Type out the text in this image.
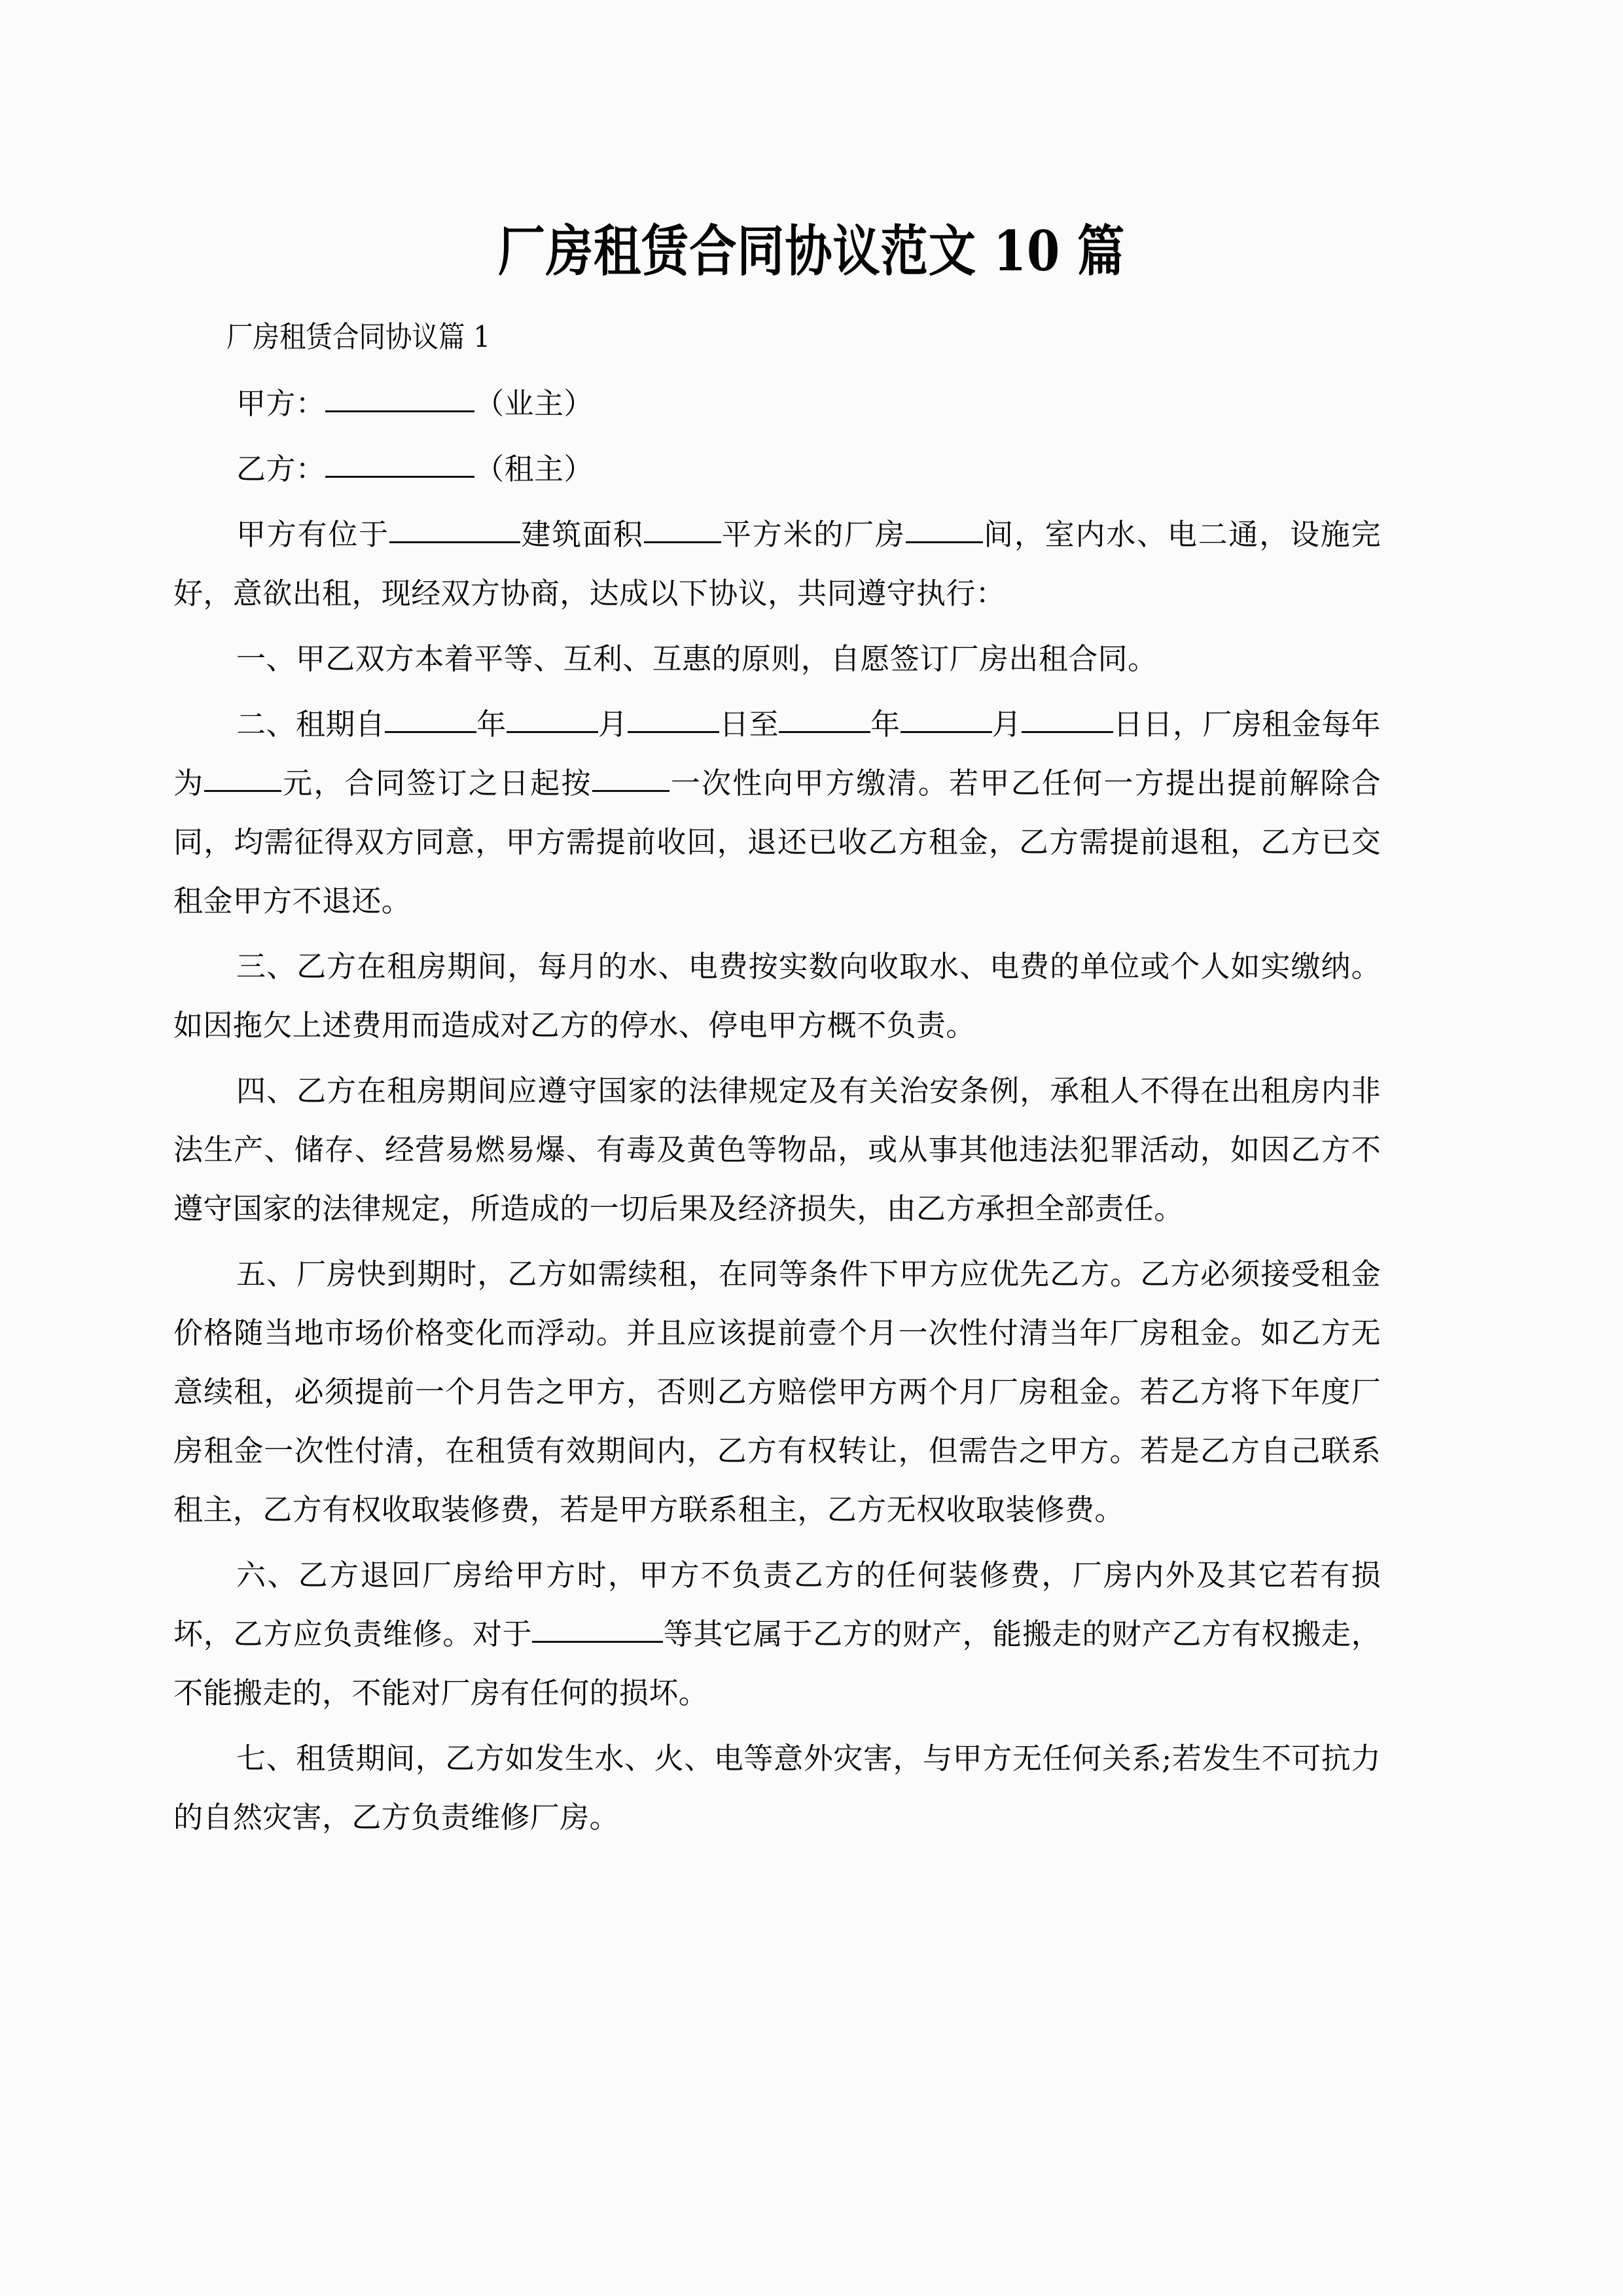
厂房租赁合同协议范文 10 篇

厂房租赁合同协议篇 1

甲方：	（业主）

乙方：	（租主）

甲方有位于	建筑面积	平方米的厂房	间，室内水、电二通，设施完好，意欲出租，现经双方协商，达成以下协议，共同遵守执行：

一、甲乙双方本着平等、互利、互惠的原则，自愿签订厂房出租合同。

二、租期自	年	月	日至	年	月	日日，厂房租金每年为	元，合同签订之日起按	一次性向甲方缴清。若甲乙任何一方提出提前解除合同，均需征得双方同意，甲方需提前收回，退还已收乙方租金，乙方需提前退租，乙方已交租金甲方不退还。

三、乙方在租房期间，每月的水、电费按实数向收取水、电费的单位或个人如实缴纳。如因拖欠上述费用而造成对乙方的停水、停电甲方概不负责。

四、乙方在租房期间应遵守国家的法律规定及有关治安条例，承租人不得在出租房内非法生产、储存、经营易燃易爆、有毒及黄色等物品，或从事其他违法犯罪活动，如因乙方不遵守国家的法律规定，所造成的一切后果及经济损失，由乙方承担全部责任。

五、厂房快到期时，乙方如需续租，在同等条件下甲方应优先乙方。乙方必须接受租金价格随当地市场价格变化而浮动。并且应该提前壹个月一次性付清当年厂房租金。如乙方无意续租，必须提前一个月告之甲方，否则乙方赔偿甲方两个月厂房租金。若乙方将下年度厂房租金一次性付清，在租赁有效期间内，乙方有权转让，但需告之甲方。若是乙方自己联系租主，乙方有权收取装修费，若是甲方联系租主，乙方无权收取装修费。

六、乙方退回厂房给甲方时，甲方不负责乙方的任何装修费，厂房内外及其它若有损坏，乙方应负责维修。对于	等其它属于乙方的财产，能搬走的财产乙方有权搬走，不能搬走的，不能对厂房有任何的损坏。

七、租赁期间，乙方如发生水、火、电等意外灾害，与甲方无任何关系;若发生不可抗力的自然灾害，乙方负责维修厂房。
